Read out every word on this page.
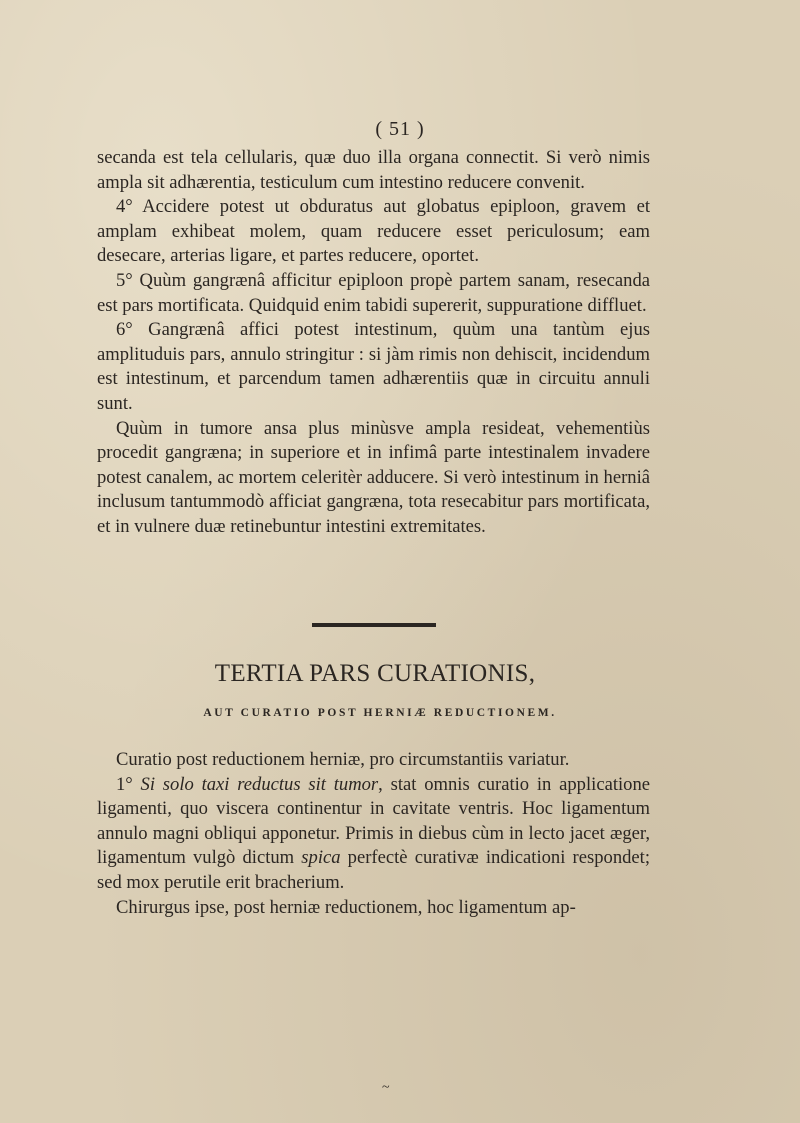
( 51 )

secanda est tela cellularis, quæ duo illa organa connectit. Si verò nimis ampla sit adhærentia, testiculum cum intestino reducere convenit.

4° Accidere potest ut obduratus aut globatus epiploon, gravem et amplam exhibeat molem, quam reducere esset periculosum; eam desecare, arterias ligare, et partes reducere, oportet.

5° Quùm gangrænâ afficitur epiploon propè partem sanam, resecanda est pars mortificata. Quidquid enim tabidi supererit, suppuratione diffluet.

6° Gangrænâ affici potest intestinum, quùm una tantùm ejus amplituduis pars, annulo stringitur : si jàm rimis non dehiscit, incidendum est intestinum, et parcendum tamen adhærentiis quæ in circuitu annuli sunt.

Quùm in tumore ansa plus minùsve ampla resideat, vehementiùs procedit gangræna; in superiore et in infimâ parte intestinalem invadere potest canalem, ac mortem celeritèr adducere. Si verò intestinum in herniâ inclusum tantummodò afficiat gangræna, tota resecabitur pars mortificata, et in vulnere duæ retinebuntur intestini extremitates.

TERTIA PARS CURATIONIS,
AUT CURATIO POST HERNIÆ REDUCTIONEM.

Curatio post reductionem herniæ, pro circumstantiis variatur.

1° Si solo taxi reductus sit tumor, stat omnis curatio in applicatione ligamenti, quo viscera continentur in cavitate ventris. Hoc ligamentum annulo magni obliqui apponetur. Primis in diebus cùm in lecto jacet æger, ligamentum vulgò dictum spica perfectè curativæ indicationi respondet; sed mox perutile erit bracherium.

Chirurgus ipse, post herniæ reductionem, hoc ligamentum ap-

~
